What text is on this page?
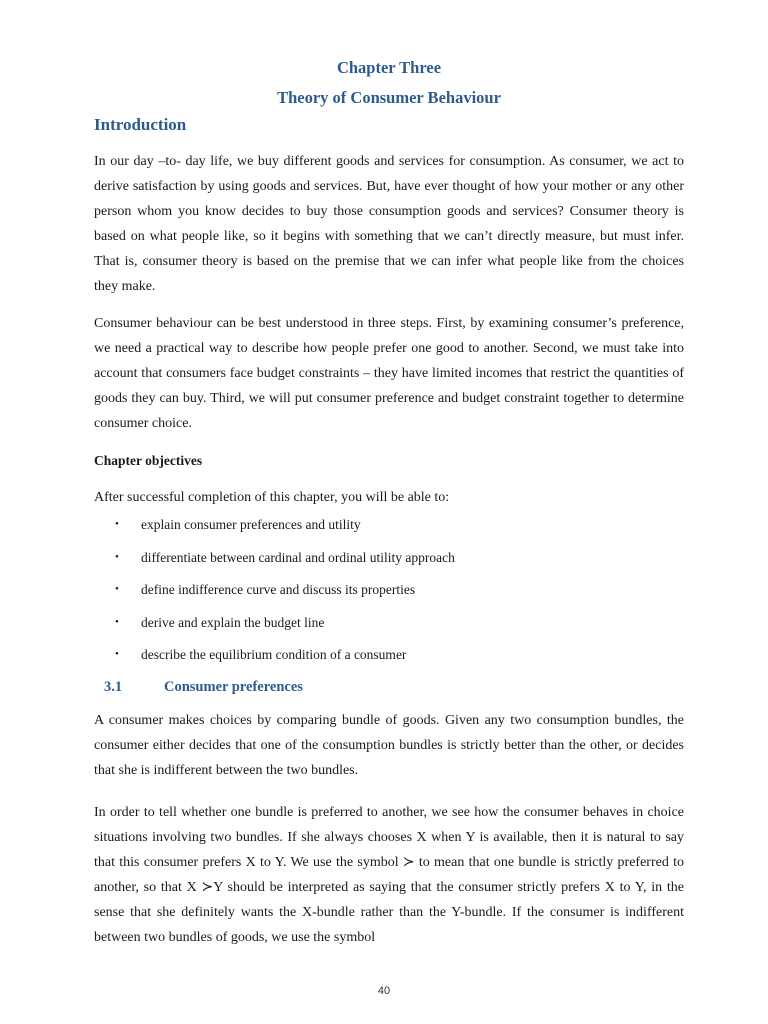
Chapter Three
Theory of Consumer Behaviour
Introduction

In our day –to- day life, we buy different goods and services for consumption. As consumer, we act to derive satisfaction by using goods and services. But, have ever thought of how your mother or any other person whom you know decides to buy those consumption goods and services? Consumer theory is based on what people like, so it begins with something that we can’t directly measure, but must infer. That is, consumer theory is based on the premise that we can infer what people like from the choices they make.

Consumer behaviour can be best understood in three steps. First, by examining consumer’s preference, we need a practical way to describe how people prefer one good to another. Second, we must take into account that consumers face budget constraints – they have limited incomes that restrict the quantities of goods they can buy. Third, we will put consumer preference and budget constraint together to determine consumer choice.

Chapter objectives

After successful completion of this chapter, you will be able to:

• explain consumer preferences and utility
• differentiate between cardinal and ordinal utility approach
• define indifference curve and discuss its properties
• derive and explain the budget line
• describe the equilibrium condition of a consumer
3.1	Consumer preferences

A consumer makes choices by comparing bundle of goods. Given any two consumption bundles, the consumer either decides that one of the consumption bundles is strictly better than the other, or decides that she is indifferent between the two bundles.

In order to tell whether one bundle is preferred to another, we see how the consumer behaves in choice situations involving two bundles. If she always chooses X when Y is available, then it is natural to say that this consumer prefers X to Y. We use the symbol ≻ to mean that one bundle is strictly preferred to another, so that X ≻Y should be interpreted as saying that the consumer strictly prefers X to Y, in the sense that she definitely wants the X-bundle rather than the Y-bundle. If the consumer is indifferent between two bundles of goods, we use the symbol

40
